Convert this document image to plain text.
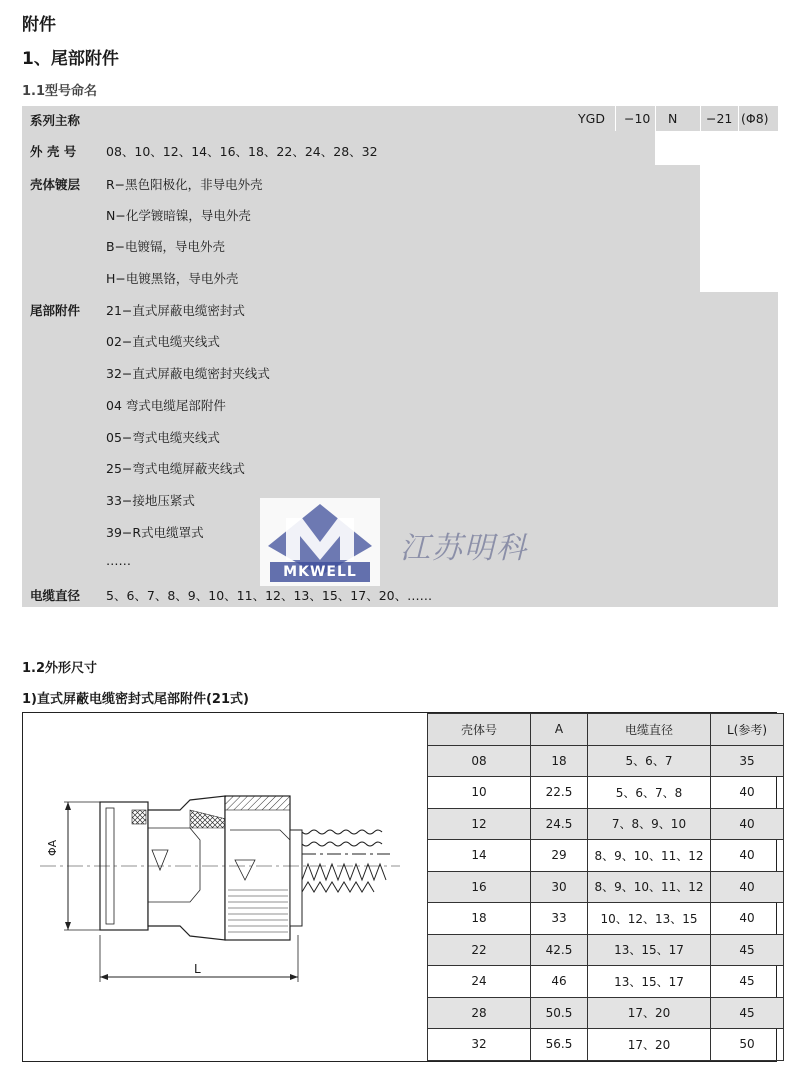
附件
1、尾部附件
1.1型号命名
系列主称	YGD −10 N −21 (Φ8)
外 壳 号 08、10、12、14、16、18、22、24、28、32
壳体镀层 R−黑色阳极化，非导电外壳
N−化学镀暗镍，导电外壳
B−电镀镉，导电外壳
H−电镀黑铬，导电外壳
尾部附件 21−直式屏蔽电缆密封式
02−直式电缆夹线式
32−直式屏蔽电缆密封夹线式
04 弯式电缆尾部附件
05−弯式电缆夹线式
25−弯式电缆屏蔽夹线式
33−接地压紧式
39−R式电缆罩式
……
电缆直径 5、6、7、8、9、10、11、12、13、15、17、20、……
MKWELL
江苏明科
1.2外形尺寸
1)直式屏蔽电缆密封式尾部附件(21式)
ΦA
L
壳体号	A	电缆直径	L(参考)
08	18	5、6、7	35
10	22.5	5、6、7、8	40
12	24.5	7、8、9、10	40
14	29	8、9、10、11、12	40
16	30	8、9、10、11、12	40
18	33	10、12、13、15	40
22	42.5	13、15、17	45
24	46	13、15、17	45
28	50.5	17、20	45
32	56.5	17、20	50
